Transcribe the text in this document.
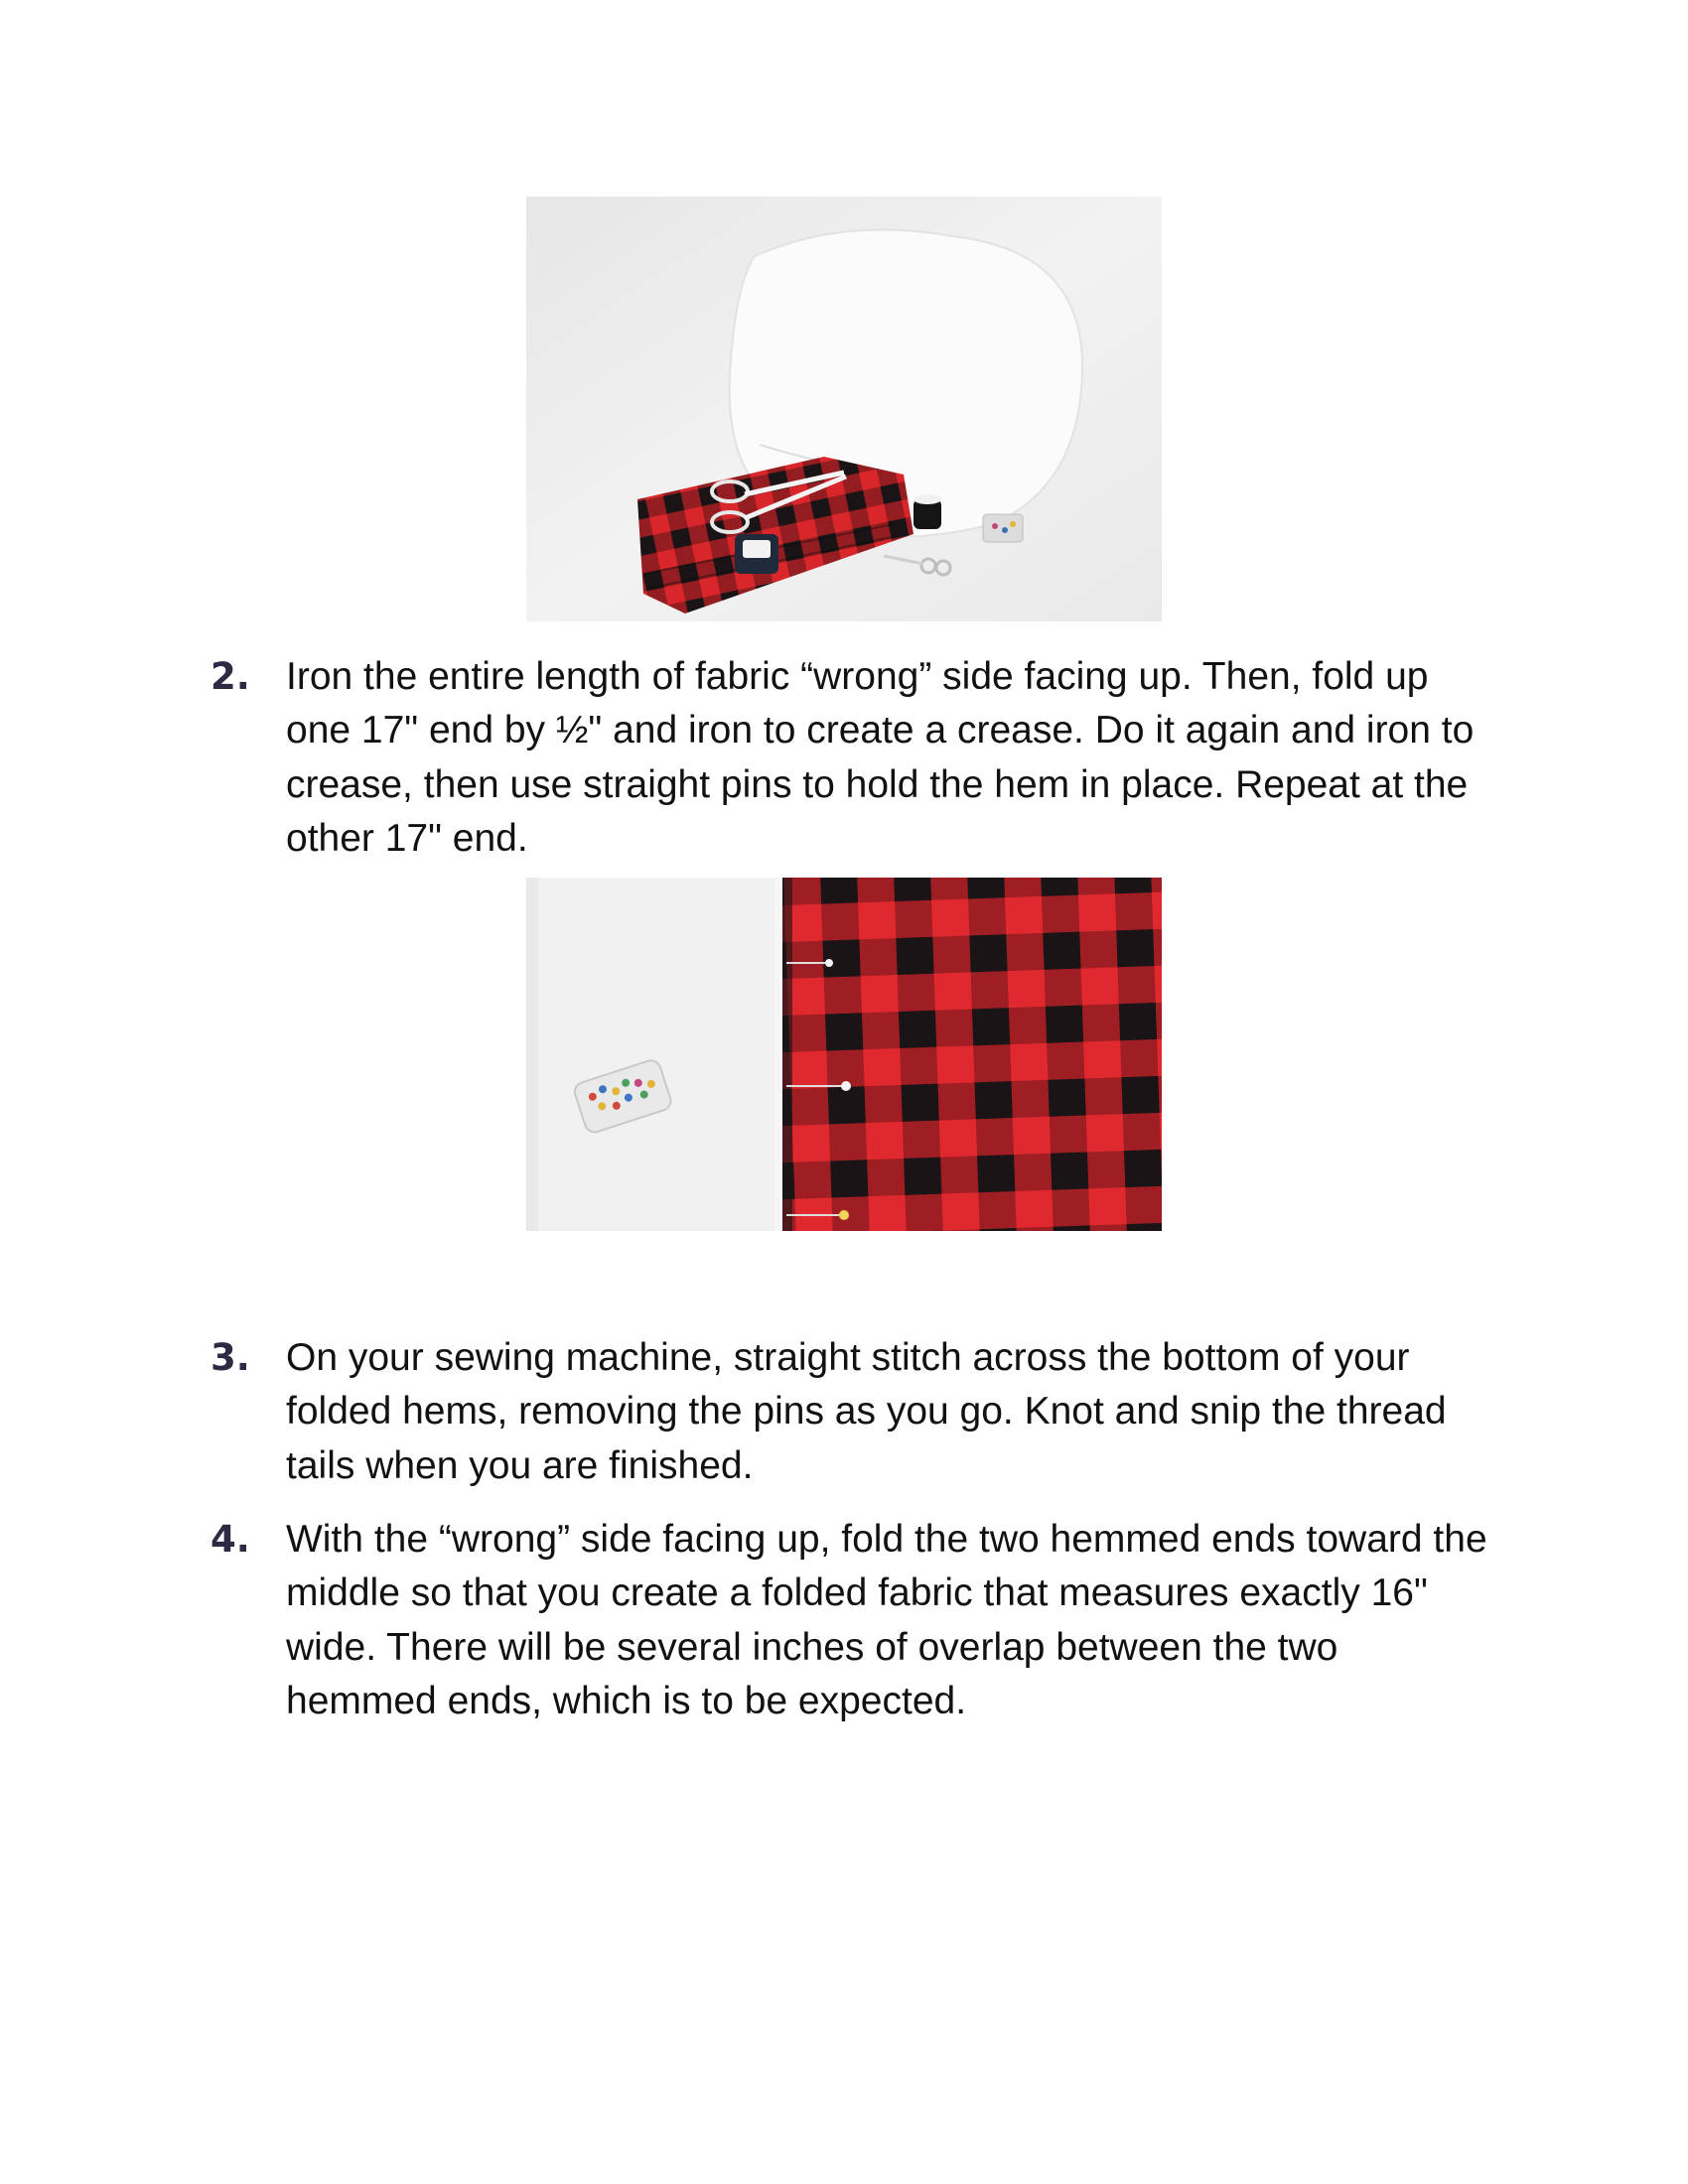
2. Iron the entire length of fabric “wrong” side facing up. Then, fold up one 17" end by ½" and iron to create a crease. Do it again and iron to crease, then use straight pins to hold the hem in place. Repeat at the other 17" end.

3. On your sewing machine, straight stitch across the bottom of your folded hems, removing the pins as you go. Knot and snip the thread tails when you are finished.

4. With the “wrong” side facing up, fold the two hemmed ends toward the middle so that you create a folded fabric that measures exactly 16" wide. There will be several inches of overlap between the two hemmed ends, which is to be expected.
